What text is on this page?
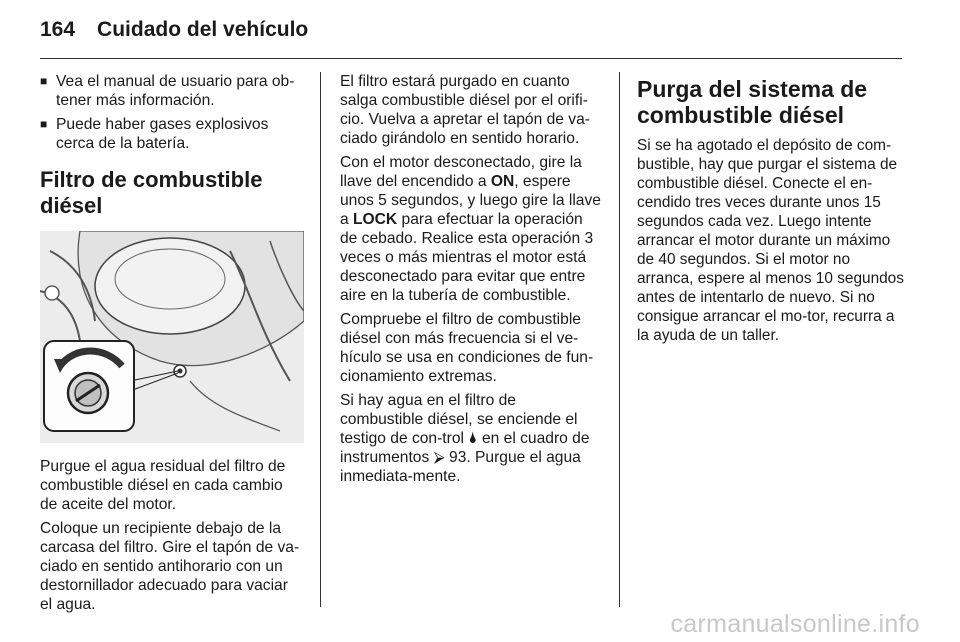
164 Cuidado del vehículo

■ Vea el manual de usuario para ob-tener más información.

■ Puede haber gases explosivos cerca de la batería.

Filtro de combustible diésel

Purgue el agua residual del filtro de combustible diésel en cada cambio de aceite del motor.

Coloque un recipiente debajo de la carcasa del filtro. Gire el tapón de va-ciado en sentido antihorario con un destornillador adecuado para vaciar el agua.

El filtro estará purgado en cuanto salga combustible diésel por el orifi-cio. Vuelva a apretar el tapón de va-ciado girándolo en sentido horario.

Con el motor desconectado, gire la llave del encendido a ON, espere unos 5 segundos, y luego gire la llave a LOCK para efectuar la operación de cebado. Realice esta operación 3 veces o más mientras el motor está desconectado para evitar que entre aire en la tubería de combustible.

Compruebe el filtro de combustible diésel con más frecuencia si el ve-hículo se usa en condiciones de fun-cionamiento extremas.

Si hay agua en el filtro de combustible diésel, se enciende el testigo de con-trol 🌢 en el cuadro de instrumentos ⮚ 93. Purgue el agua inmediata-mente.

Purga del sistema de combustible diésel

Si se ha agotado el depósito de com-bustible, hay que purgar el sistema de combustible diésel. Conecte el en-cendido tres veces durante unos 15 segundos cada vez. Luego intente arrancar el motor durante un máximo de 40 segundos. Si el motor no arranca, espere al menos 10 segundos antes de intentarlo de nuevo. Si no consigue arrancar el mo-tor, recurra a la ayuda de un taller.

carmanualsonline.info
